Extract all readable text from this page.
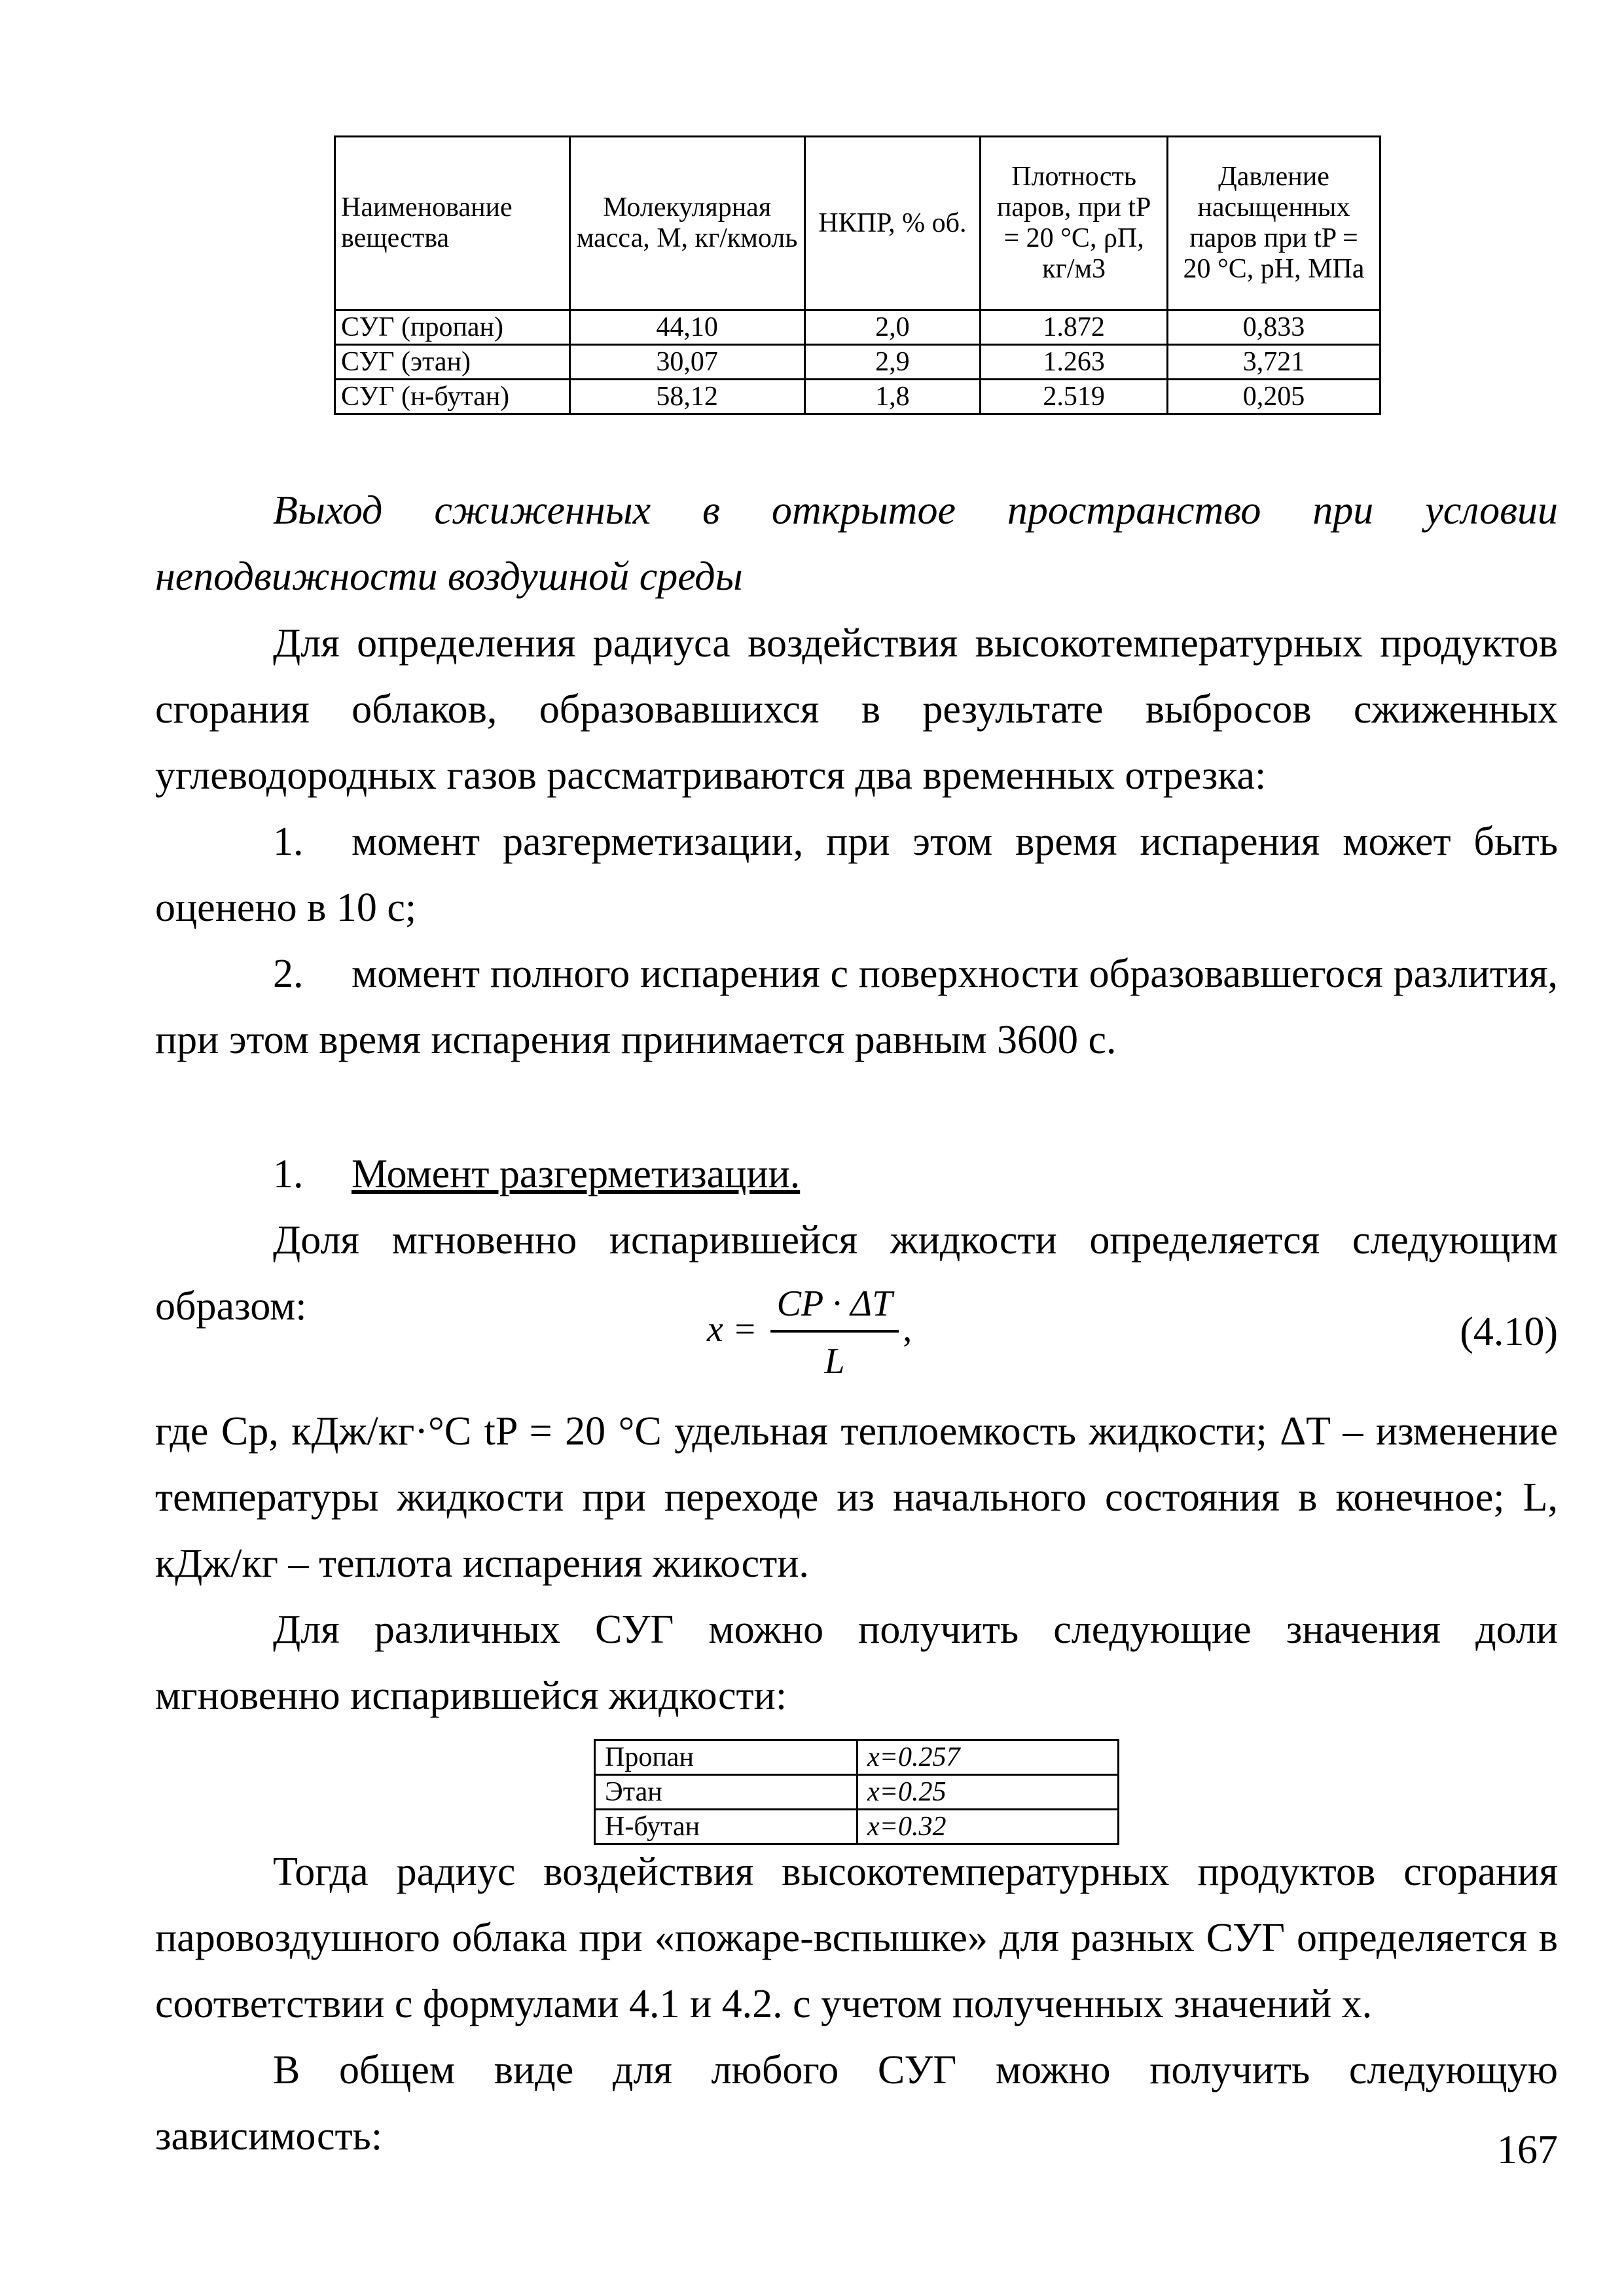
Наименование вещества	Молекулярная масса, M, кг/кмоль	НКПР, % об.	Плотность паров, при tP = 20 °C, ρП, кг/м3	Давление насыщенных паров при tP = 20 °C, pН, МПа
СУГ (пропан)	44,10	2,0	1.872	0,833
СУГ (этан)	30,07	2,9	1.263	3,721
СУГ (н-бутан)	58,12	1,8	2.519	0,205
Выход сжиженных в открытое пространство при условии неподвижности воздушной среды
Для определения радиуса воздействия высокотемпературных продуктов сгорания облаков, образовавшихся в результате выбросов сжиженных углеводородных газов рассматриваются два временных отрезка:
1. момент разгерметизации, при этом время испарения может быть оценено в 10 с;
2. момент полного испарения с поверхности образовавшегося разлития, при этом время испарения принимается равным 3600 с.
1. Момент разгерметизации.
Доля мгновенно испарившейся жидкости определяется следующим образом:
$x = \frac{CP \cdot \Delta T}{L}$ ,	(4.10)
где Cp, кДж/кг·°C tP = 20 °C удельная теплоемкость жидкости; ΔT – изменение температуры жидкости при переходе из начального состояния в конечное; L, кДж/кг – теплота испарения жикости.
Для различных СУГ можно получить следующие значения доли мгновенно испарившейся жидкости:
Пропан	x=0.257
Этан	x=0.25
Н-бутан	x=0.32
Тогда радиус воздействия высокотемпературных продуктов сгорания паровоздушного облака при «пожаре-вспышке» для разных СУГ определяется в соответствии с формулами 4.1 и 4.2. с учетом полученных значений x.
В общем виде для любого СУГ можно получить следующую зависимость:	167
